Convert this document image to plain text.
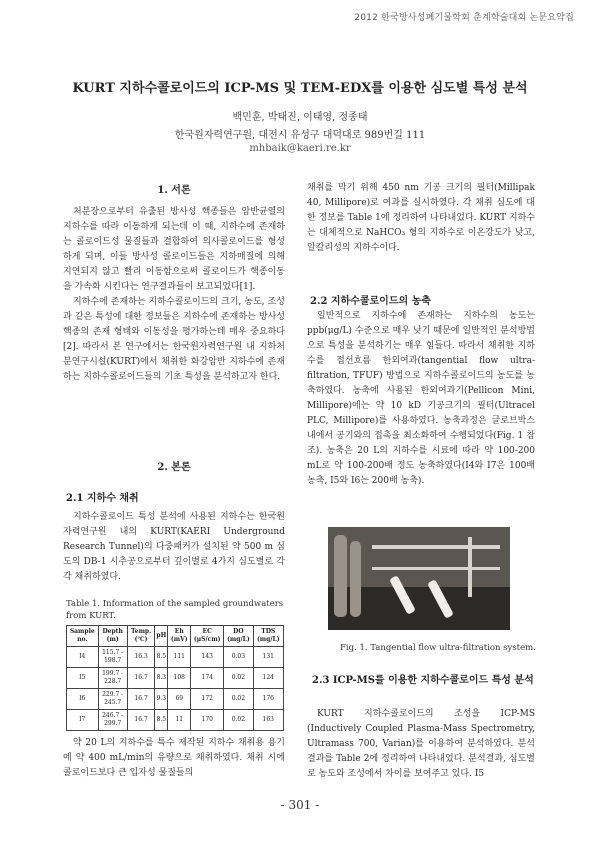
2012 한국방사성폐기물학회 춘계학술대회 논문요약집
KURT 지하수콜로이드의 ICP-MS 및 TEM-EDX를 이용한 심도별 특성 분석
백민훈, 박태진, 이태영, 정종태
한국원자력연구원, 대전시 유성구 대덕대로 989번길 111
mhbaik@kaeri.re.kr
1. 서론

처분장으로부터 유출된 방사성 핵종들은 암반균열의 지하수를 따라 이동하게 되는데 이 때, 지하수에 존재하는 콜로이드성 물질들과 결합하여 의사콜로이드를 형성하게 되며, 이들 방사성 콜로이드들은 지하매질에 의해 지연되지 않고 빨리 이동함으로써 콜로이드가 핵종이동을 가속화 시킨다는 연구결과들이 보고되었다[1].

지하수에 존재하는 지하수콜로이드의 크기, 농도, 조성과 같은 특성에 대한 정보들은 지하수에 존재하는 방사성 핵종의 존재 형태와 이동성을 평가하는데 매우 중요하다[2]. 따라서 본 연구에서는 한국원자력연구원 내 지하처분연구시설(KURT)에서 채취한 화강암반 지하수에 존재하는 지하수콜로이드들의 기초 특성을 분석하고자 한다.

2. 본론
2.1 지하수 채취

지하수콜로이드 특성 분석에 사용된 지하수는 한국원자력연구원 내의 KURT(KAERI Underground Research Tunnel)의 다중패커가 설치된 약 500 m 심도의 DB-1 시추공으로부터 깊이별로 4가지 심도별로 각각 채취하였다.

Table 1. Information of the sampled groundwaters from KURT.
Sample no.	Depth (m)	Temp. (℃)	pH	Eh (mV)	EC (μS/cm)	DO (mg/L)	TDS (mg/L)
I4	115.7 - 198.7	16.3	8.5	111	143	0.03	131
I5	199.7 - 228.7	16.7	8.3	108	174	0.02	124
I6	229.7 - 245.7	16.7	9.3	69	172	0.02	176
I7	246.7 - 299.7	16.7	8.5	11	170	0.02	163

약 20 L의 지하수를 특수 제작된 지하수 채취용 용기에 약 400 mL/min의 유량으로 채취하였다. 채취 시에 콜로이드보다 큰 입자성 물질들의

채취를 막기 위해 450 nm 기공 크기의 필터(Millipak 40, Millipore)로 여과를 실시하였다. 각 채취 심도에 대한 정보를 Table 1에 정리하여 나타내었다. KURT 지하수는 대체적으로 NaHCO₃ 형의 지하수로 이온강도가 낮고, 알칼리성의 지하수이다.

2.2 지하수콜로이드의 농축

일반적으로 지하수에 존재하는 지하수의 농도는 ppb(μg/L) 수준으로 매우 낮기 때문에 일반적인 분석방법으로 특성을 분석하기는 매우 힘들다. 따라서 채취한 지하수를 접선흐름 한외여과(tangential flow ultra-filtration, TFUF) 방법으로 지하수콜로이드의 농도를 농축하였다. 농축에 사용된 한외여과기(Pellicon Mini, Millipore)에는 약 10 kD 기공크기의 필터(Ultracel PLC, Millipore)를 사용하였다. 농축과정은 글로브박스 내에서 공기와의 접촉을 최소화하여 수행되었다(Fig. 1 참조). 농축은 20 L의 지하수를 시료에 따라 약 100-200 mL로 약 100-200배 정도 농축하였다(I4와 I7은 100배 농축, I5와 I6는 200배 농축).

Fig. 1. Tangential flow ultra-filtration system.
2.3 ICP-MS를 이용한 지하수콜로이드 특성 분석

KURT 지하수콜로이드의 조성을 ICP-MS (Inductively Coupled Plasma-Mass Spectrometry, Ultramass 700, Varian)를 이용하여 분석하였다. 분석결과를 Table 2에 정리하여 나타내었다. 분석결과, 심도별로 농도와 조성에서 차이를 보여주고 있다. I5

- 301 -
